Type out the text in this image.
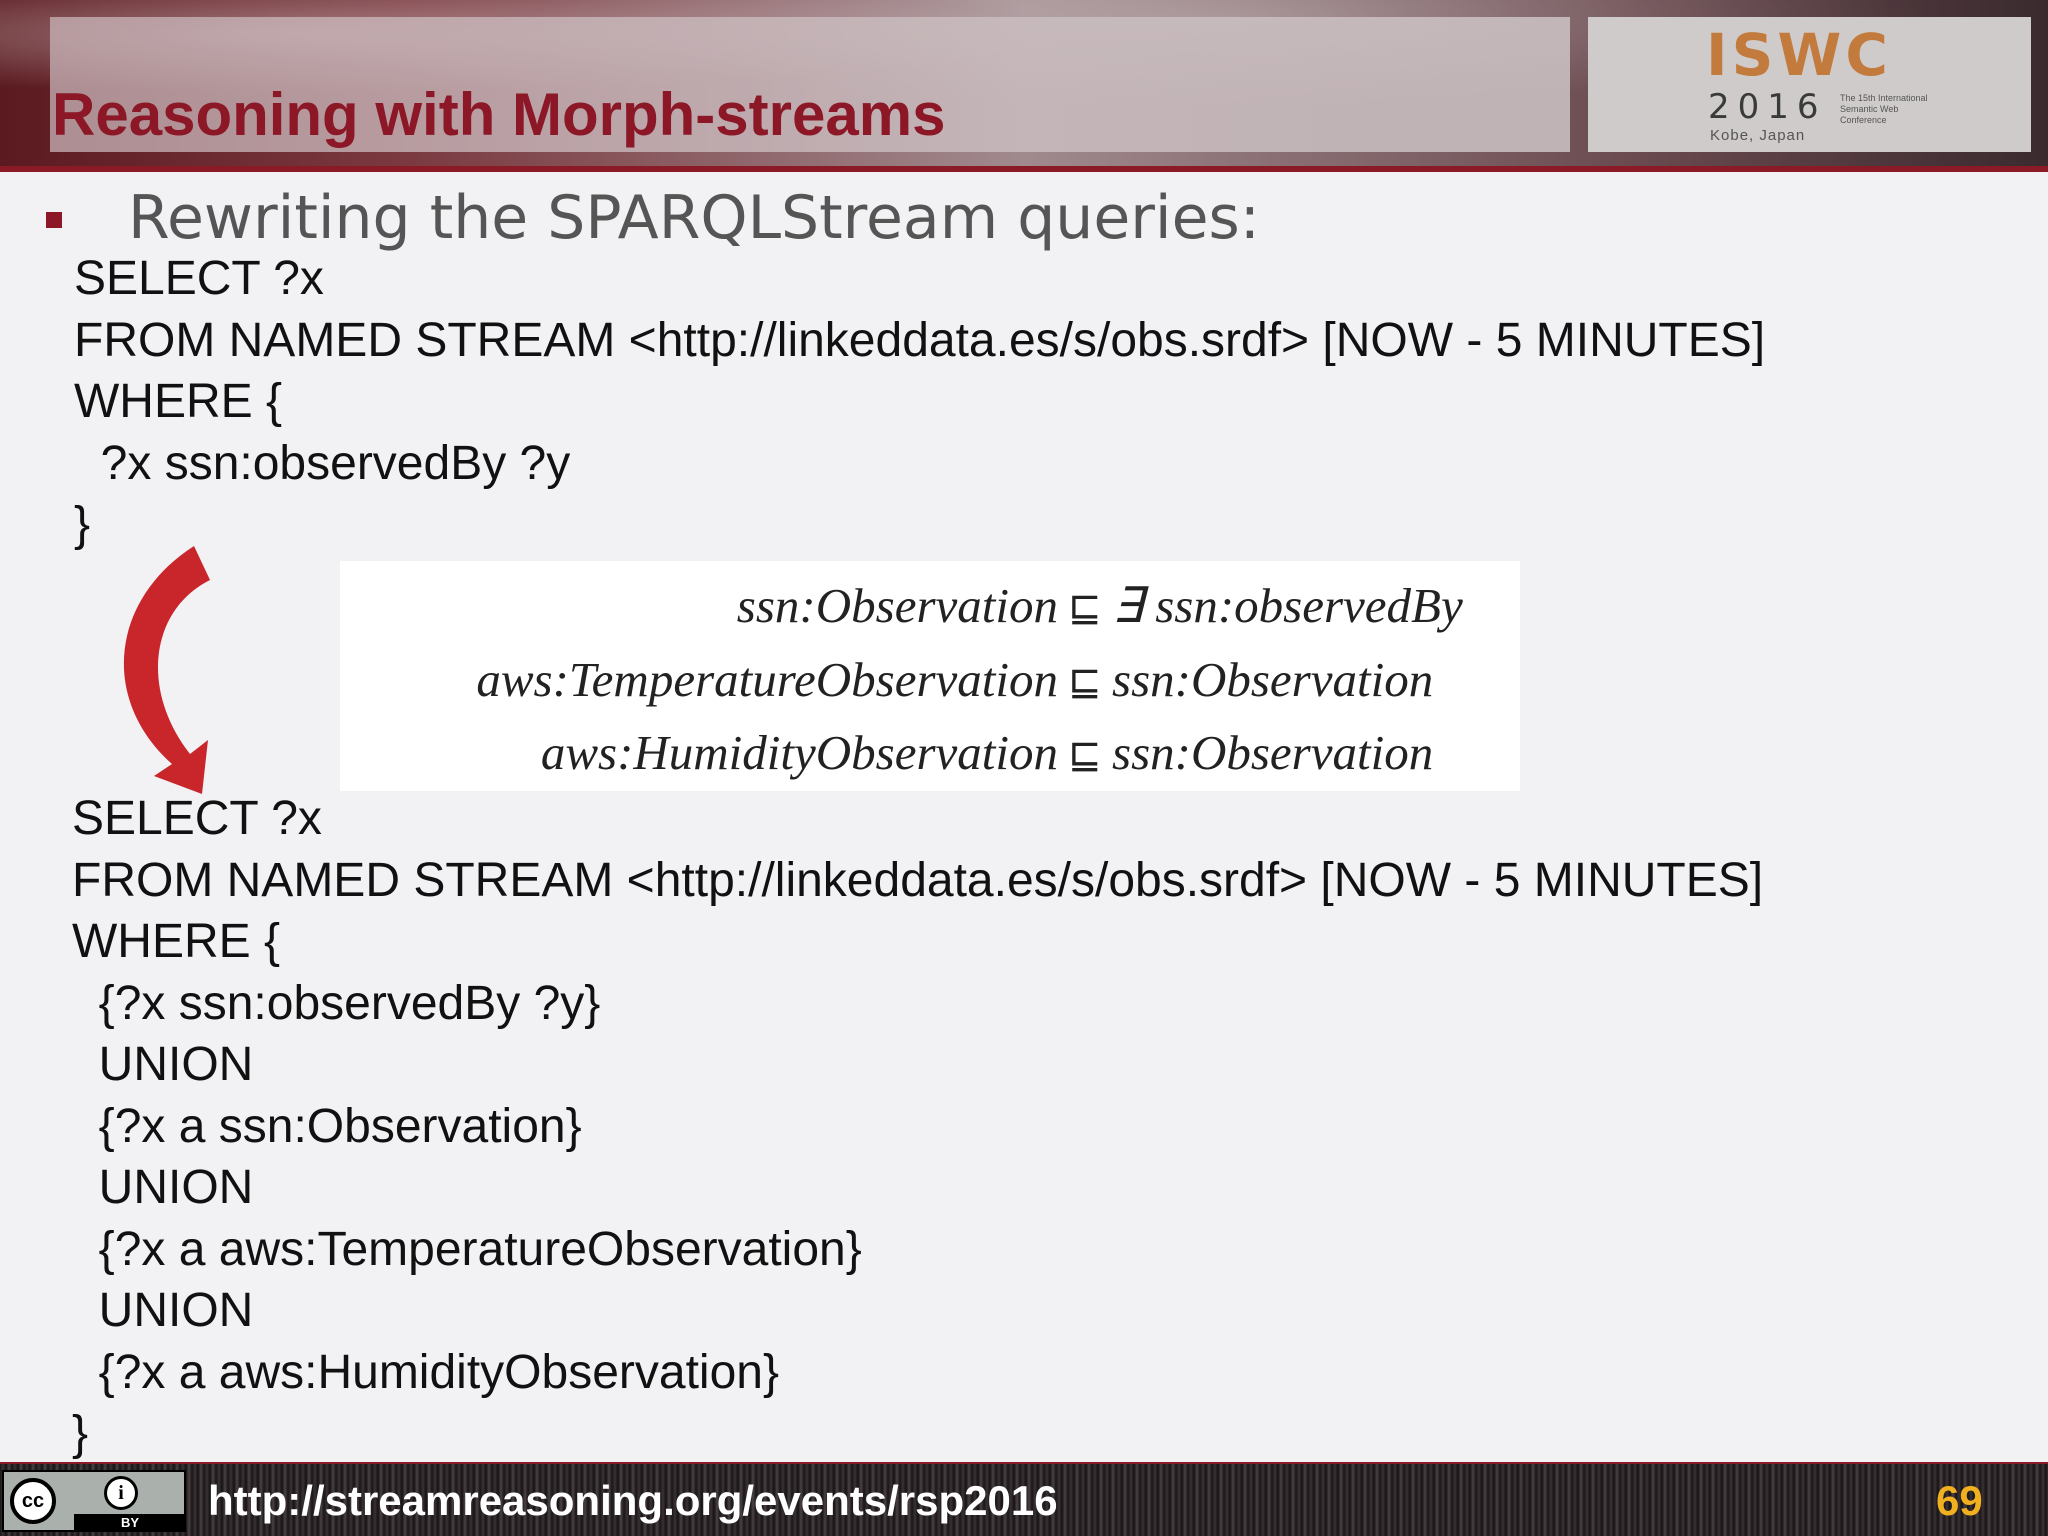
Reasoning with Morph-streams
ISWC
2016
Kobe, Japan
The 15th International Semantic Web Conference
Rewriting the SPARQLStream queries:
SELECT ?x
FROM NAMED STREAM <http://linkeddata.es/s/obs.srdf> [NOW - 5 MINUTES]
WHERE {
?x ssn:observedBy ?y
}
ssn:Observation ⊑ ∃ ssn:observedBy
aws:TemperatureObservation ⊑ ssn:Observation
aws:HumidityObservation ⊑ ssn:Observation
SELECT ?x
FROM NAMED STREAM <http://linkeddata.es/s/obs.srdf> [NOW - 5 MINUTES]
WHERE {
{?x ssn:observedBy ?y}
UNION
{?x a ssn:Observation}
UNION
{?x a aws:TemperatureObservation}
UNION
{?x a aws:HumidityObservation}
}
cc	i
BY	http://streamreasoning.org/events/rsp2016	69
